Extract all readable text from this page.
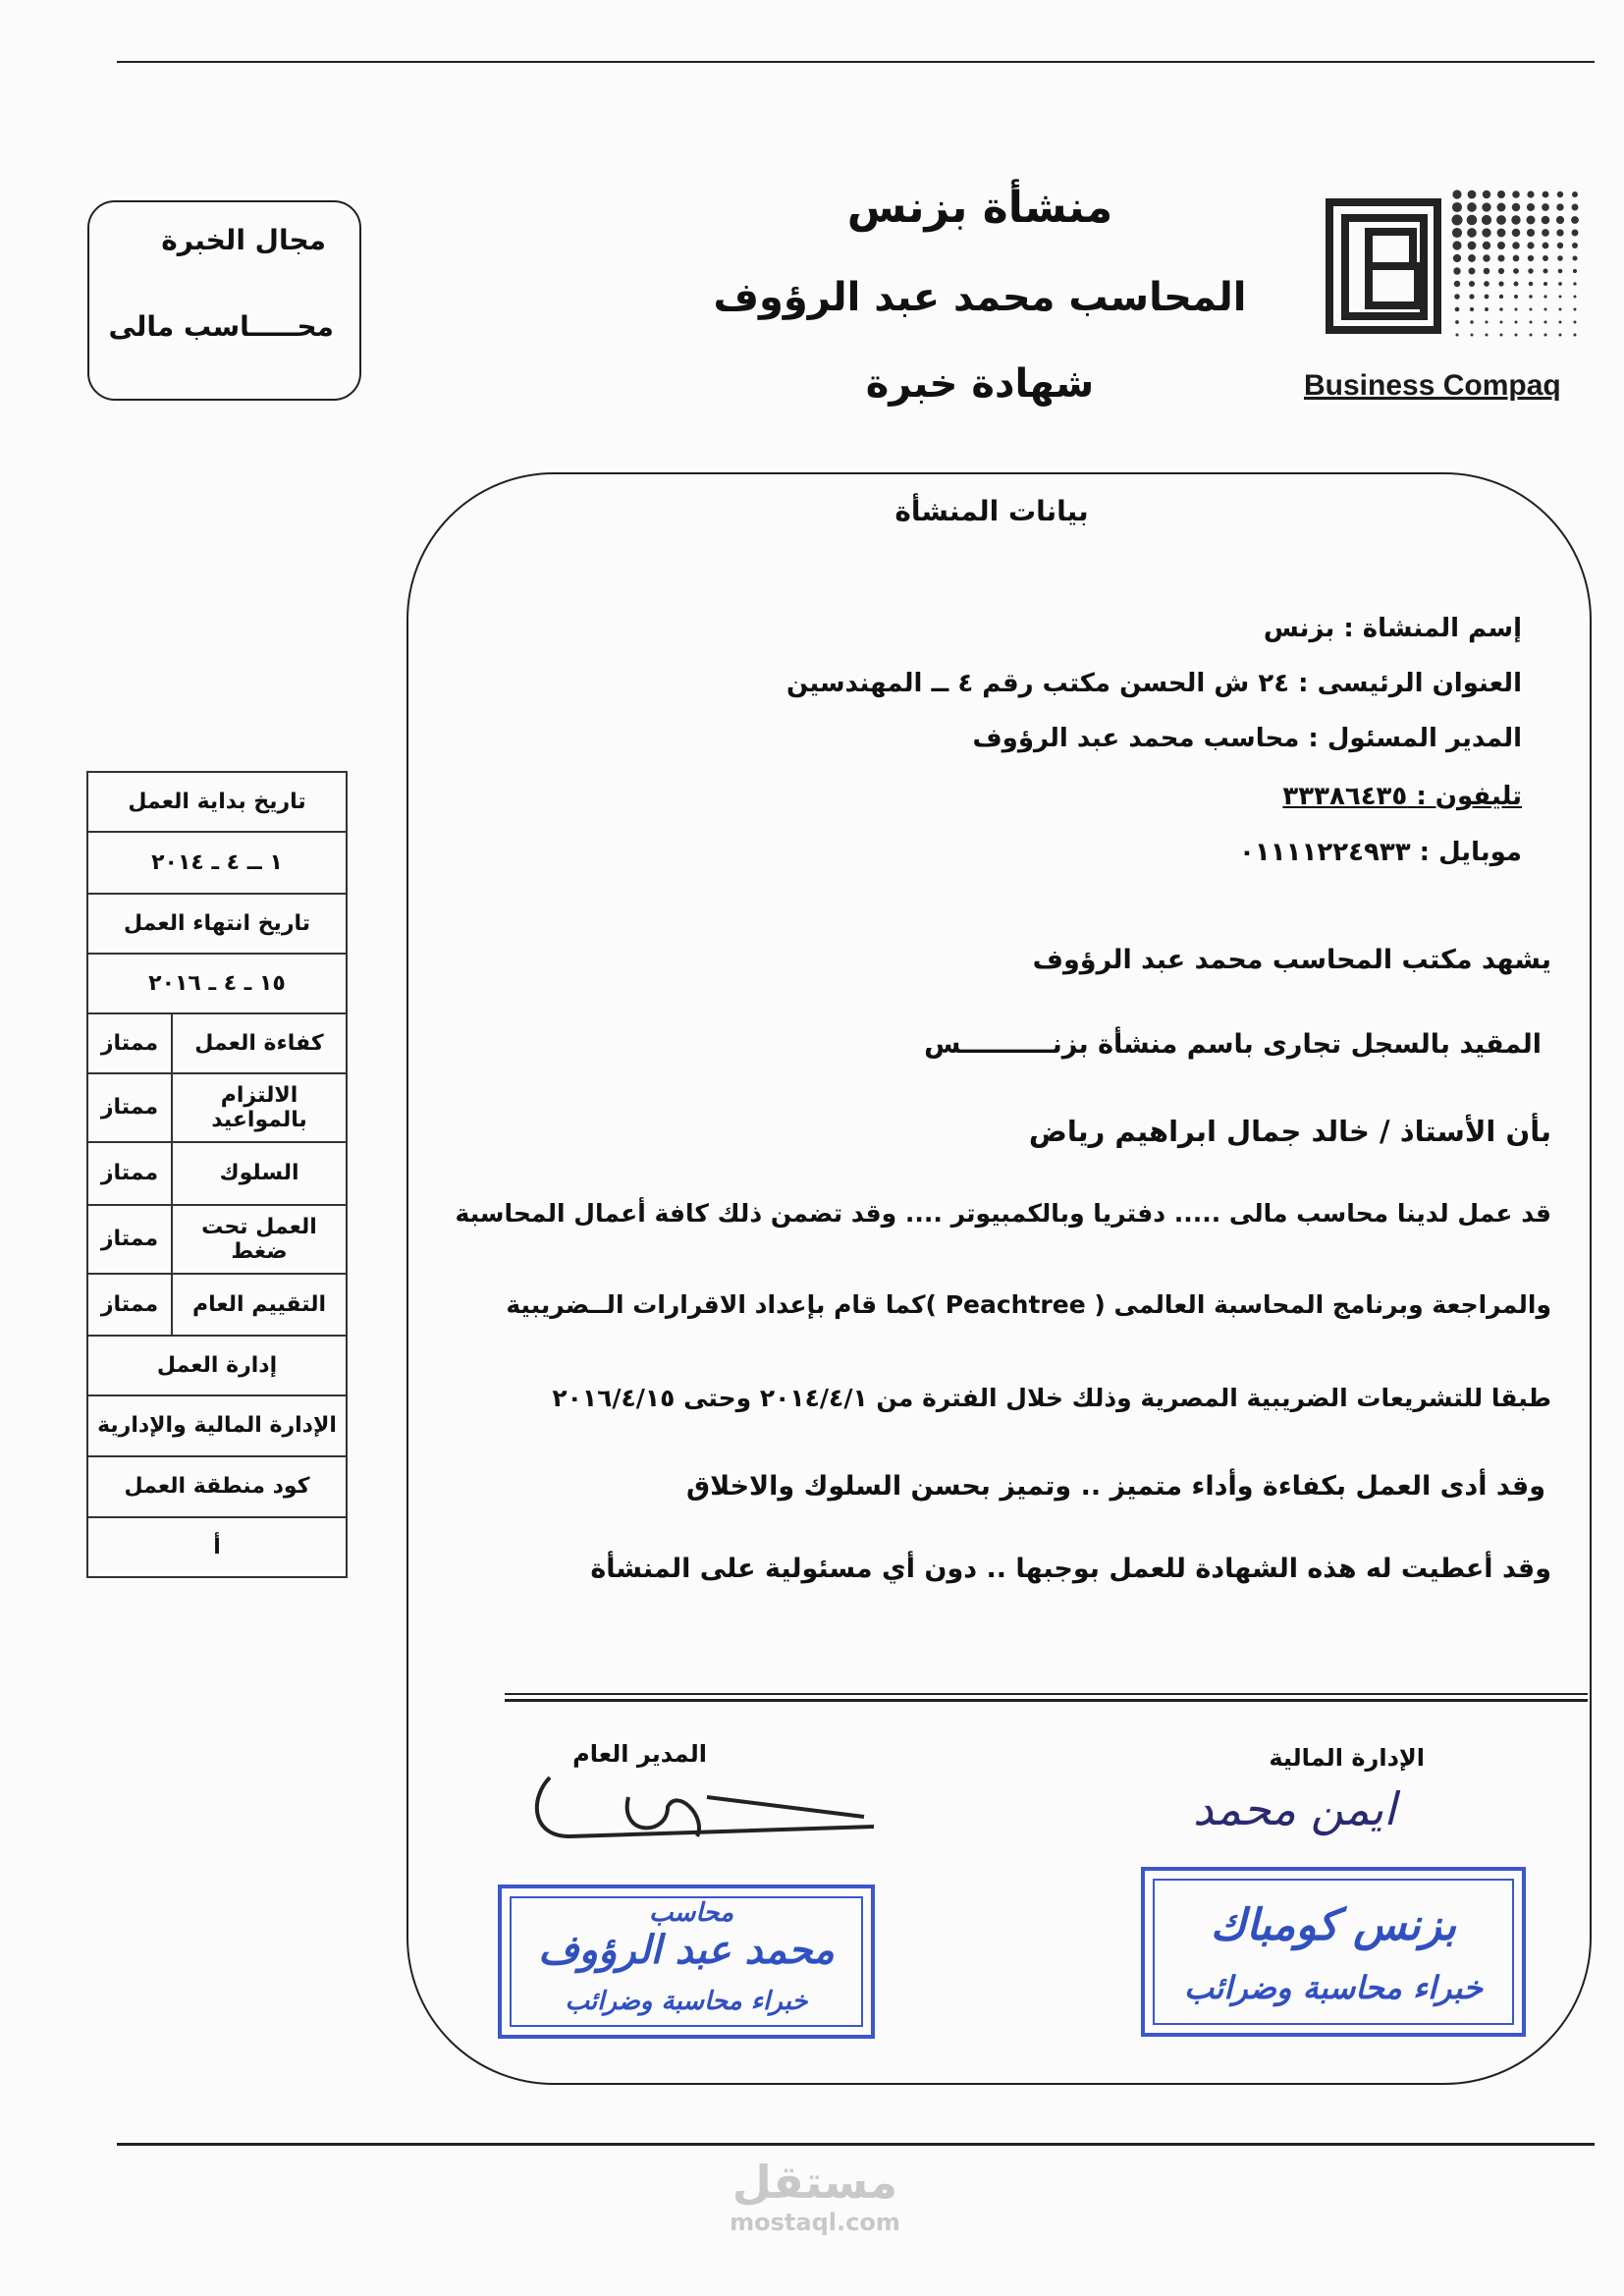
منشأة بزنس
المحاسب محمد عبد الرؤوف
شهادة خبرة
مجال الخبرة
محـــــاسب مالى
Business Compaq
بيانات المنشأة
إسم المنشاة : بزنس
العنوان الرئيسى : ٢٤ ش الحسن مكتب رقم ٤ ــ المهندسين
المدير المسئول : محاسب محمد عبد الرؤوف
تليفون : ٣٣٣٨٦٤٣٥
موبايل : ٠١١١١٢٢٤٩٣٣
يشهد مكتب المحاسب محمد عبد الرؤوف
المقيد بالسجل تجارى باسم منشأة بزنــــــــــس
بأن الأستاذ / خالد جمال ابراهيم رياض
قد عمل لدينا محاسب مالى ..... دفتريا وبالكمبيوتر .... وقد تضمن ذلك كافة أعمال المحاسبة
والمراجعة وبرنامج المحاسبة العالمى ( Peachtree )كما قام بإعداد الاقرارات الــضريبية
طبقا للتشريعات الضريبية المصرية وذلك خلال الفترة من ٢٠١٤/٤/١ وحتى ٢٠١٦/٤/١٥
وقد أدى العمل بكفاءة وأداء متميز .. وتميز بحسن السلوك والاخلاق
وقد أعطيت له هذه الشهادة للعمل بوجبها .. دون أي مسئولية على المنشأة
الإدارة المالية
المدير العام
ايمن محمد
محاسب
محمد عبد الرؤوف
خبراء محاسبة وضرائب
بزنس كومباك
خبراء محاسبة وضرائب
تاريخ بداية العمل	
١ ــ ٤ ـ ٢٠١٤	
تاريخ انتهاء العمل	
١٥ ـ ٤ ـ ٢٠١٦	
كفاءة العمل	ممتاز
الالتزام بالمواعيد	ممتاز
السلوك	ممتاز
العمل تحت ضغط	ممتاز
التقييم العام	ممتاز
إدارة العمل	
الإدارة المالية والإدارية	
كود منطقة العمل	
أ	
مستقل
mostaql.com
